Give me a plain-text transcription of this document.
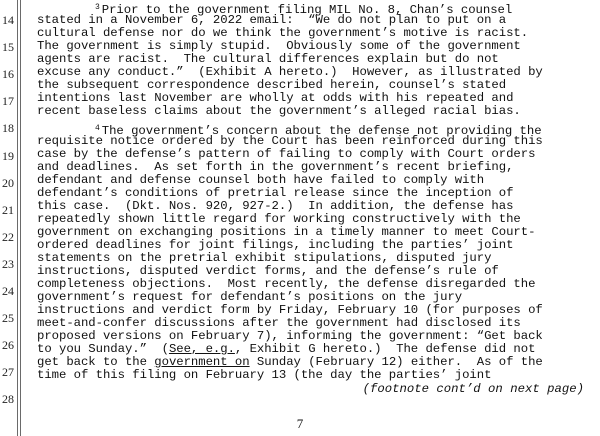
14
15
16
17
18
19
20
21
22
23
24
25
26
27
28
$^3$ Prior to the government filing MIL No. 8, Chan’s counsel
stated in a November 6, 2022 email:  “We do not plan to put on a
cultural defense nor do we think the government’s motive is racist.
The government is simply stupid.  Obviously some of the government
agents are racist.  The cultural differences explain but do not
excuse any conduct.”  (Exhibit A hereto.)  However, as illustrated by
the subsequent correspondence described herein, counsel’s stated
intentions last November are wholly at odds with his repeated and
recent baseless claims about the government’s alleged racial bias.
$^4$ The government’s concern about the defense not providing the
requisite notice ordered by the Court has been reinforced during this
case by the defense’s pattern of failing to comply with Court orders
and deadlines.  As set forth in the government’s recent briefing,
defendant and defense counsel both have failed to comply with
defendant’s conditions of pretrial release since the inception of
this case.  (Dkt. Nos. 920, 927-2.)  In addition, the defense has
repeatedly shown little regard for working constructively with the
government on exchanging positions in a timely manner to meet Court-
ordered deadlines for joint filings, including the parties’ joint
statements on the pretrial exhibit stipulations, disputed jury
instructions, disputed verdict forms, and the defense’s rule of
completeness objections.  Most recently, the defense disregarded the
government’s request for defendant’s positions on the jury
instructions and verdict form by Friday, February 10 (for purposes of
meet-and-confer discussions after the government had disclosed its
proposed versions on February 7), informing the government: “Get back
to you Sunday.”  (See, e.g., Exhibit G hereto.)  The defense did not
get back to the government on Sunday (February 12) either.  As of the
time of this filing on February 13 (the day the parties’ joint
(footnote cont’d on next page)
7
